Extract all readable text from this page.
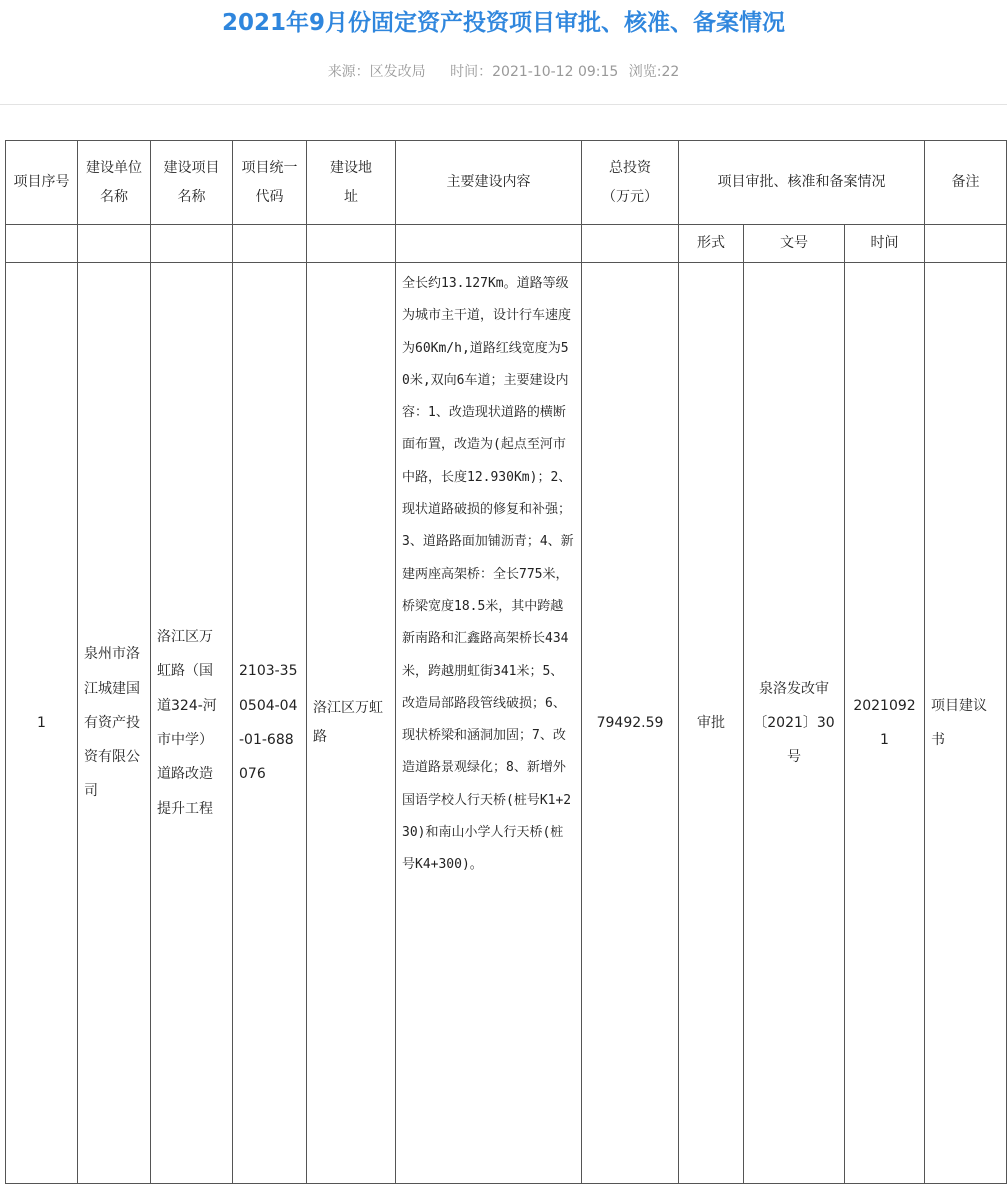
2021年9月份固定资产投资项目审批、核准、备案情况
来源：区发改局 时间：2021-10-12 09:15 浏览:22
项目序号	建设单位名称	建设项目名称	项目统一代码	建设地址	主要建设内容	总投资（万元）	项目审批、核准和备案情况			备注
							形式	文号	时间	
1	泉州市洛江城建国有资产投资有限公司	洛江区万虹路（国道324-河市中学）道路改造提升工程	2103-350504-04-01-688076	洛江区万虹路	全长约13.127Km。道路等级为城市主干道，设计行车速度为60Km/h,道路红线宽度为50米,双向6车道；主要建设内容：1、改造现状道路的横断面布置，改造为(起点至河市中路，长度12.930Km)；2、现状道路破损的修复和补强；3、道路路面加铺沥青；4、新建两座高架桥：全长775米，桥梁宽度18.5米，其中跨越新南路和汇鑫路高架桥长434米，跨越朋虹街341米；5、改造局部路段管线破损；6、现状桥梁和涵洞加固；7、改造道路景观绿化；8、新增外国语学校人行天桥(桩号K1+230)和南山小学人行天桥(桩号K4+300)。	79492.59	审批	泉洛发改审〔2021〕30号	20210921	项目建议书
